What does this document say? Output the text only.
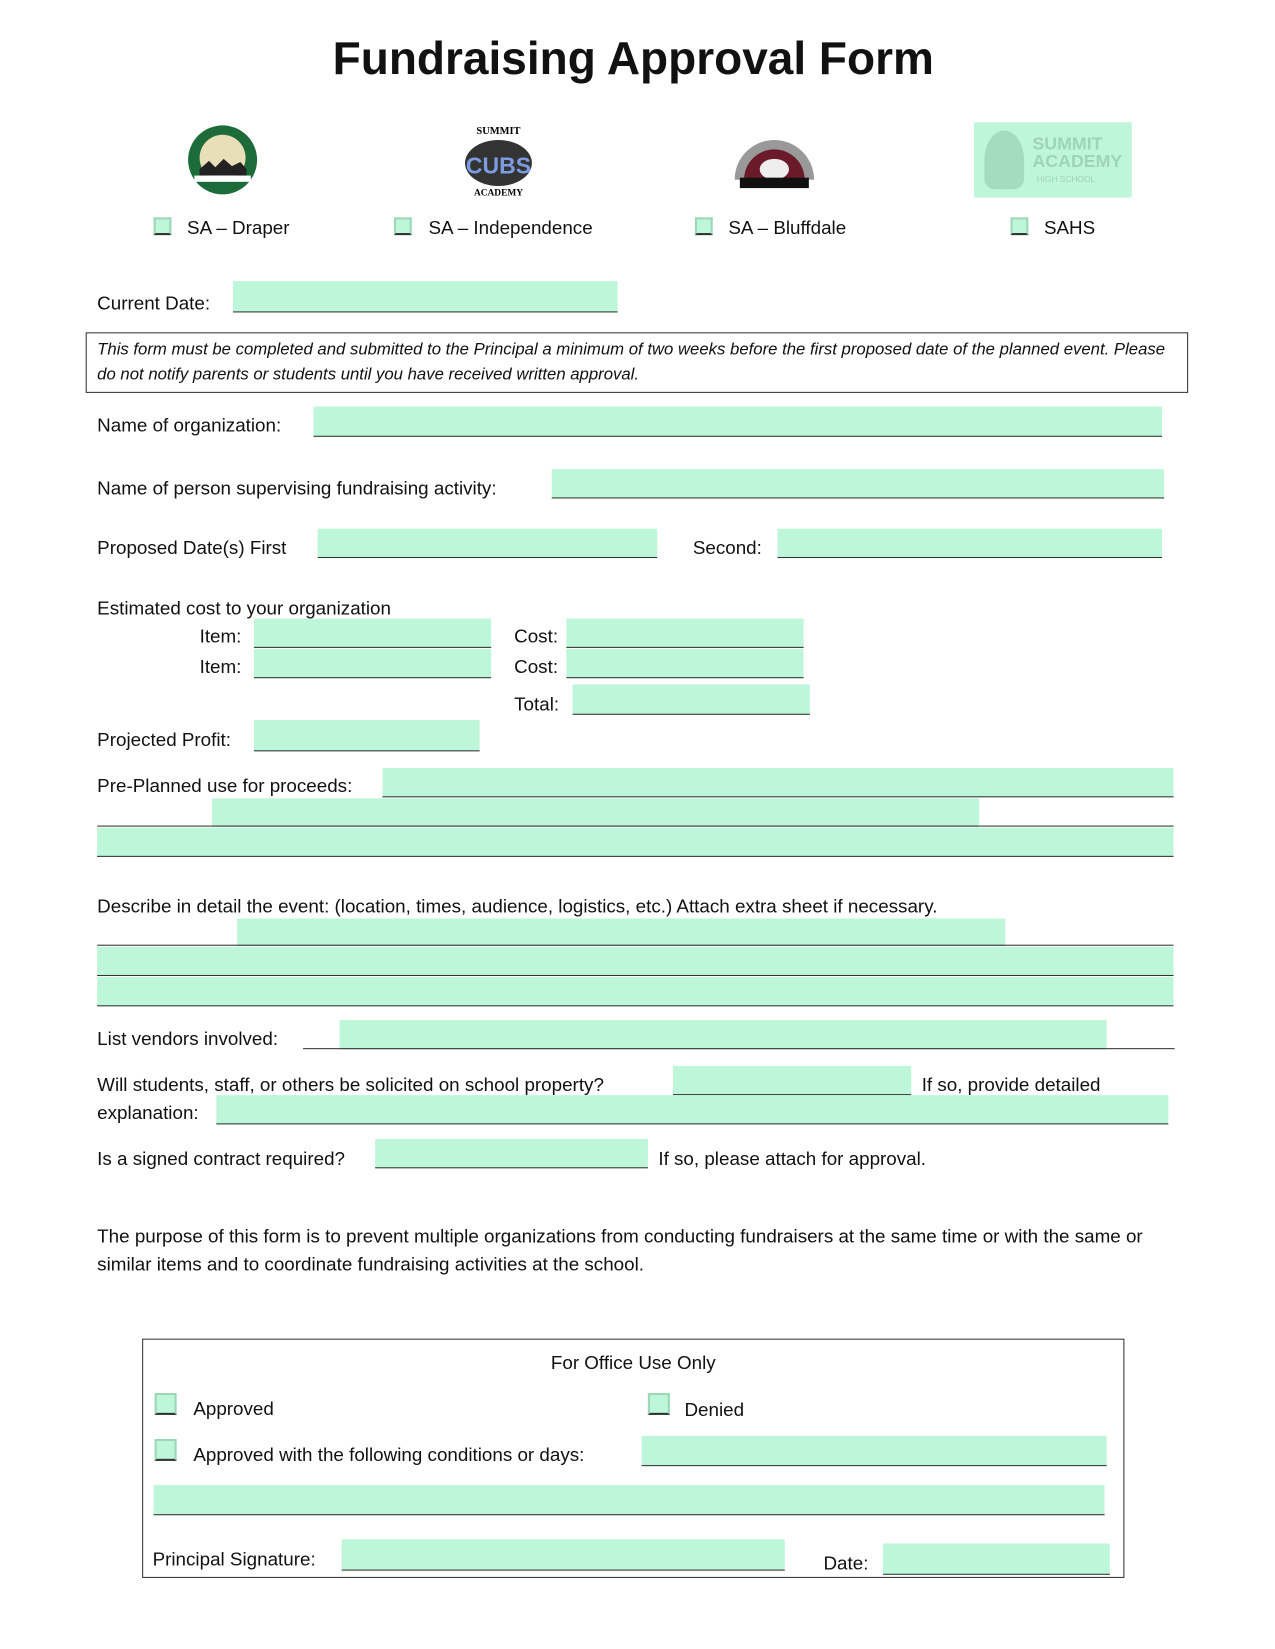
Fundraising Approval Form
SUMMIT
CUBS
ACADEMY
SUMMIT
ACADEMY
HIGH SCHOOL
SA – Draper	SA – Independence	SA – Bluffdale	SAHS
Current Date:
This form must be completed and submitted to the Principal a minimum of two weeks before the first proposed date of the planned event. Please do not notify parents or students until you have received written approval.
Name of organization:
Name of person supervising fundraising activity:
Proposed Date(s) First	Second:
Estimated cost to your organization
Item:	Cost:
Item:	Cost:
Total:
Projected Profit:
Pre-Planned use for proceeds:
Describe in detail the event: (location, times, audience, logistics, etc.) Attach extra sheet if necessary.
List vendors involved:
Will students, staff, or others be solicited on school property?	If so, provide detailed
explanation:
Is a signed contract required?	If so, please attach for approval.
The purpose of this form is to prevent multiple organizations from conducting fundraisers at the same time or with the same or similar items and to coordinate fundraising activities at the school.
For Office Use Only
Approved	Denied
Approved with the following conditions or days:
Principal Signature:	Date:
